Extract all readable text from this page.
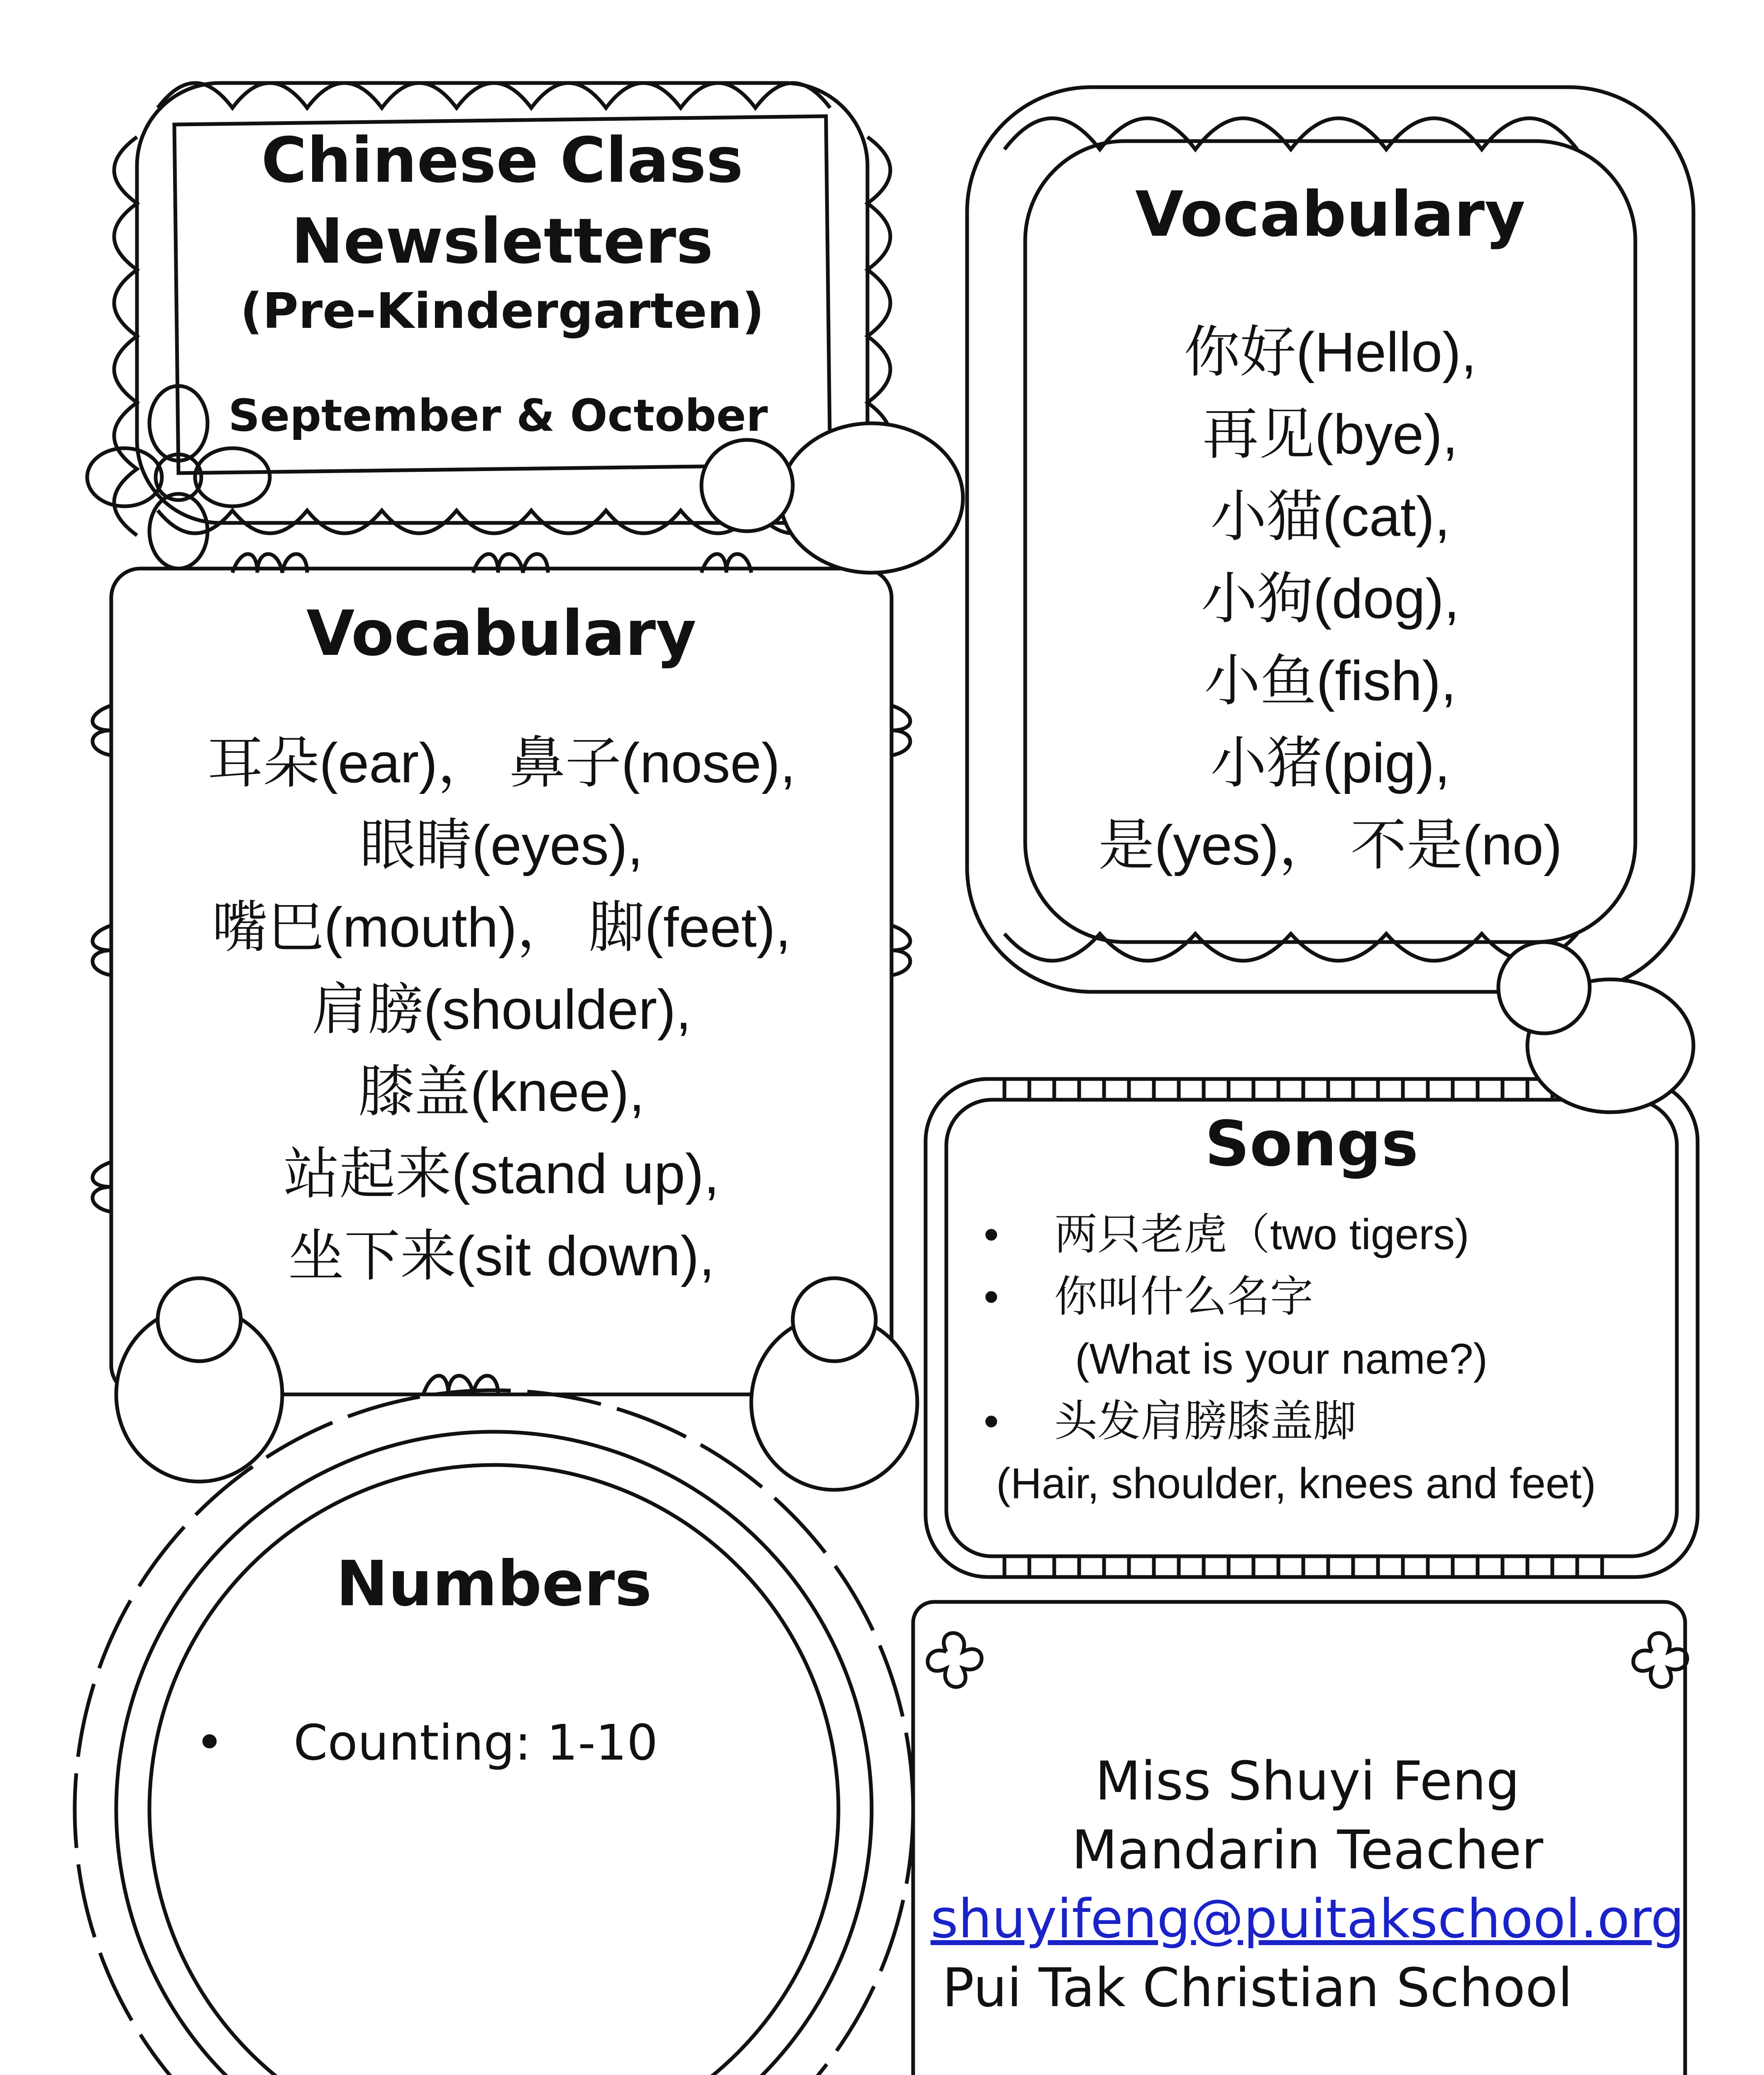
Chinese Class
Newsletters
(Pre-Kindergarten)
September & October
Vocabulary
耳朵(ear)， 鼻子(nose),
眼睛(eyes),
嘴巴(mouth)， 脚(feet),
肩膀(shoulder),
膝盖(knee),
站起来(stand up),
坐下来(sit down),
Vocabulary
你好(Hello),
再见(bye),
小猫(cat),
小狗(dog),
小鱼(fish),
小猪(pig),
是(yes)， 不是(no)
Songs
• 两只老虎（two tigers)
• 你叫什么名字
(What is your name?)
• 头发肩膀膝盖脚
(Hair, shoulder, knees and feet)
Numbers
• Counting: 1-10
Miss Shuyi Feng
Mandarin Teacher
shuyifeng@puitakschool.org
Pui Tak Christian School
